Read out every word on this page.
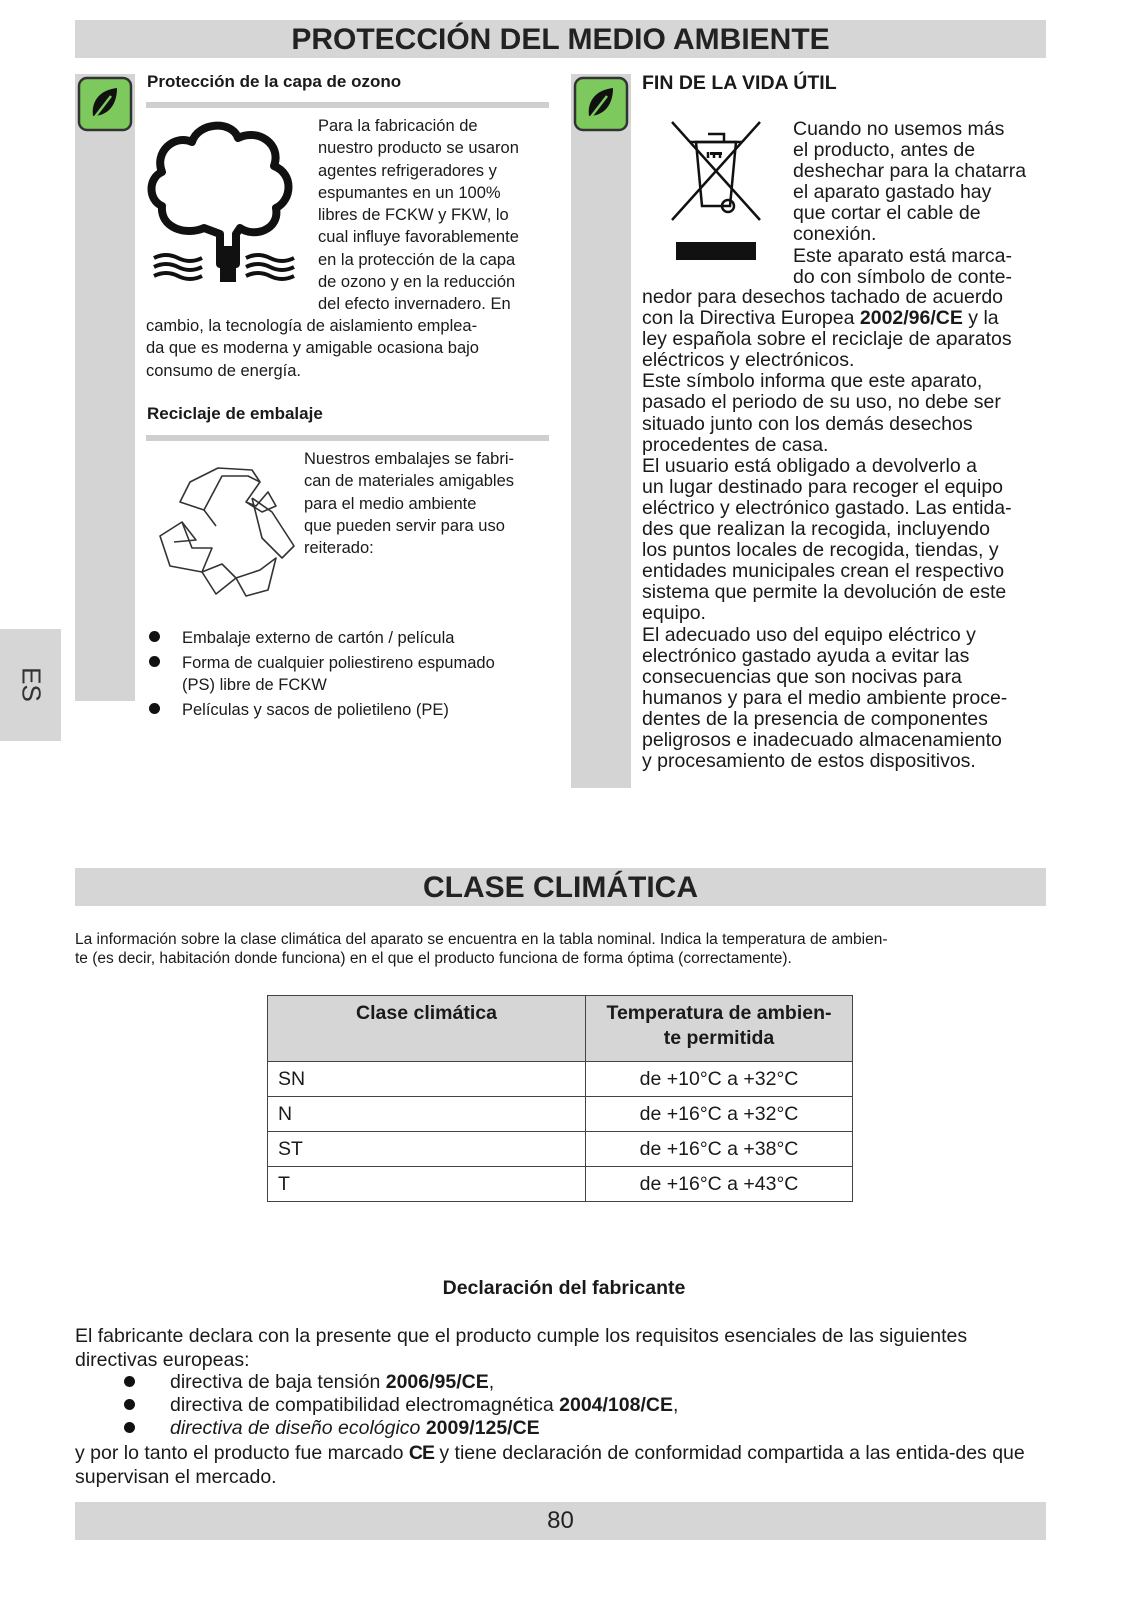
PROTECCIÓN DEL MEDIO AMBIENTE
ES
Protección de la capa de ozono
Para la fabricación de
nuestro producto se usaron
agentes refrigeradores y
espumantes en un 100%
libres de FCKW y FKW, lo
cual influye favorablemente
en la protección de la capa
de ozono y en la reducción
del efecto invernadero. En
cambio, la tecnología de aislamiento emplea-
da que es moderna y amigable ocasiona bajo
consumo de energía.
Reciclaje de embalaje
Nuestros embalajes se fabri-
can de materiales amigables
para el medio ambiente
que pueden servir para uso
reiterado:
Embalaje externo de cartón / película
Forma de cualquier poliestireno espumado
(PS) libre de FCKW
Películas y sacos de polietileno (PE)
FIN DE LA VIDA ÚTIL
Cuando no usemos más
el producto, antes de
deshechar para la chatarra
el aparato gastado hay
que cortar el cable de
conexión.
Este aparato está marca-
do con símbolo de conte-
nedor para desechos tachado de acuerdo
con la Directiva Europea 2002/96/CE y la
ley española sobre el reciclaje de aparatos
eléctricos y electrónicos.
Este símbolo informa que este aparato,
pasado el periodo de su uso, no debe ser
situado junto con los demás desechos
procedentes de casa.
El usuario está obligado a devolverlo a
un lugar destinado para recoger el equipo
eléctrico y electrónico gastado. Las entida-
des que realizan la recogida, incluyendo
los puntos locales de recogida, tiendas, y
entidades municipales crean el respectivo
sistema que permite la devolución de este
equipo.
El adecuado uso del equipo eléctrico y
electrónico gastado ayuda a evitar las
consecuencias que son nocivas para
humanos y para el medio ambiente proce-
dentes de la presencia de componentes
peligrosos e inadecuado almacenamiento
y procesamiento de estos dispositivos.
CLASE CLIMÁTICA
La información sobre la clase climática del aparato se encuentra en la tabla nominal. Indica la temperatura de ambien-
te (es decir, habitación donde funciona) en el que el producto funciona de forma óptima (correctamente).
Clase climática	Temperatura de ambien-
te permitida
SN	de +10°C a +32°C
N	de +16°C a +32°C
ST	de +16°C a +38°C
T	de +16°C a +43°C
Declaración del fabricante
El fabricante declara con la presente que el producto cumple los requisitos esenciales de las siguientes directivas europeas:
directiva de baja tensión 2006/95/CE,
directiva de compatibilidad electromagnética 2004/108/CE,
directiva de diseño ecológico 2009/125/CE
y por lo tanto el producto fue marcado CE y tiene declaración de conformidad compartida a las entida-des que supervisan el mercado.
80
